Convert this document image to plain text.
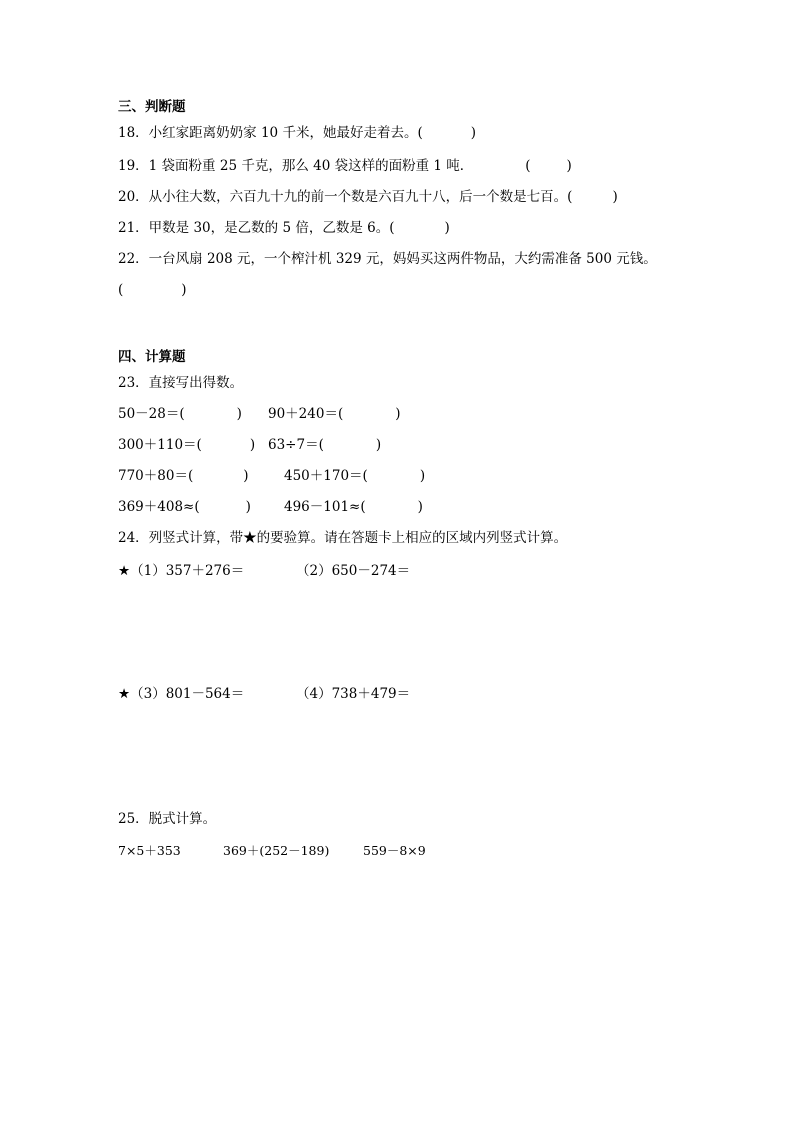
三、判断题
18．小红家距离奶奶家 10 千米，她最好走着去。(	)
19．1 袋面粉重 25 千克，那么 40 袋这样的面粉重 1 吨．	(	)
20．从小往大数，六百九十九的前一个数是六百九十八，后一个数是七百。(	)
21．甲数是 30，是乙数的 5 倍，乙数是 6。(	)
22．一台风扇 208 元，一个榨汁机 329 元，妈妈买这两件物品，大约需准备 500 元钱。
(	)
四、计算题
23．直接写出得数。
50－28＝(	) 90＋240＝(	)
300＋110＝(	) 63÷7＝(	)
770＋80＝(	)	450＋170＝(	)
369＋408≈(	) 496－101≈(	)
24．列竖式计算，带★的要验算。请在答题卡上相应的区域内列竖式计算。
★（1）357＋276＝	（2）650－274＝
★（3）801－564＝	（4）738＋479＝
25．脱式计算。
7×5＋353	369＋(252－189)	559－8×9
